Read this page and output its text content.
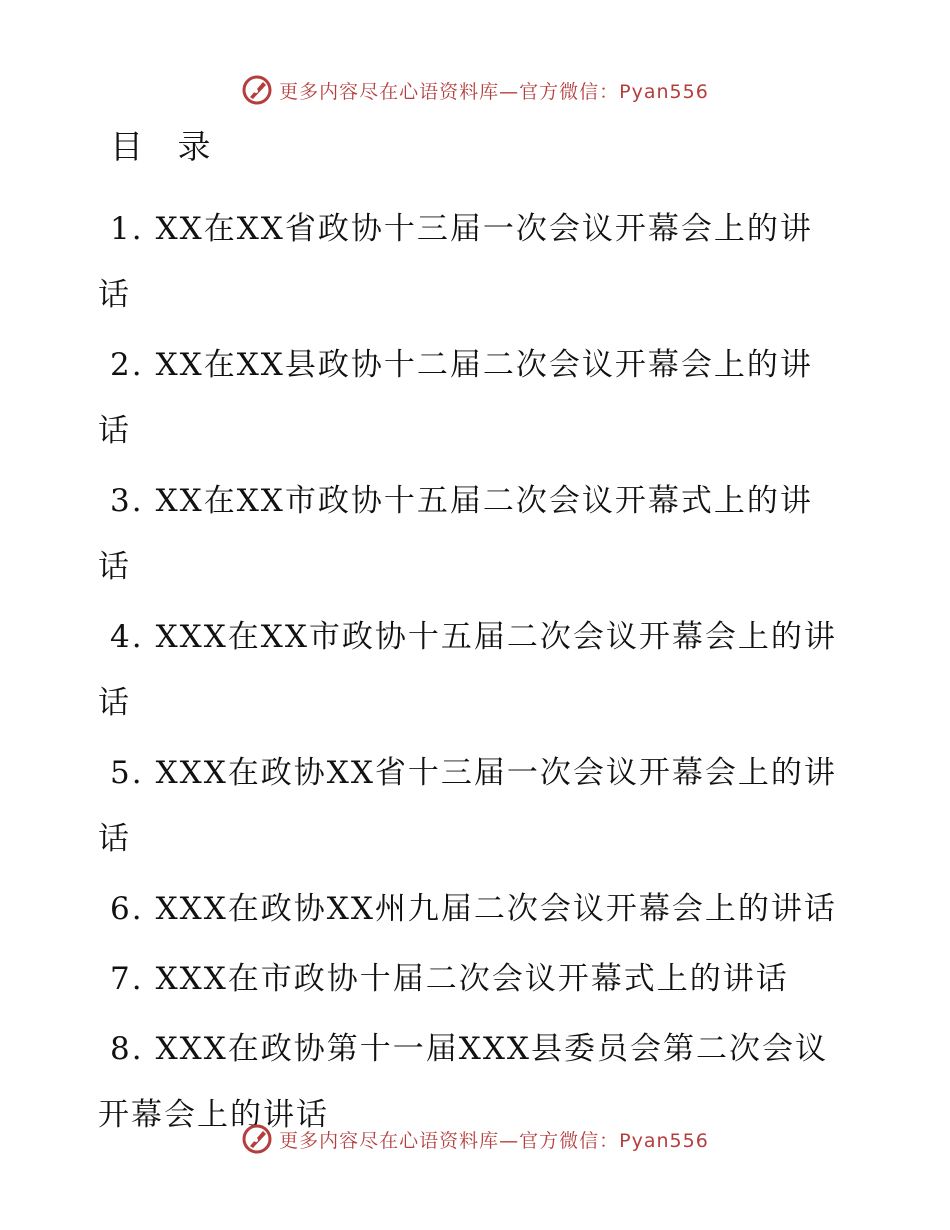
更多内容尽在心语资料库—官方微信：Pyan556
目 录
1. XX在XX省政协十三届一次会议开幕会上的讲
话
2. XX在XX县政协十二届二次会议开幕会上的讲
话
3. XX在XX市政协十五届二次会议开幕式上的讲
话
4. XXX在XX市政协十五届二次会议开幕会上的讲
话
5. XXX在政协XX省十三届一次会议开幕会上的讲
话
6. XXX在政协XX州九届二次会议开幕会上的讲话
7. XXX在市政协十届二次会议开幕式上的讲话
8. XXX在政协第十一届XXX县委员会第二次会议
开幕会上的讲话
更多内容尽在心语资料库—官方微信：Pyan556
